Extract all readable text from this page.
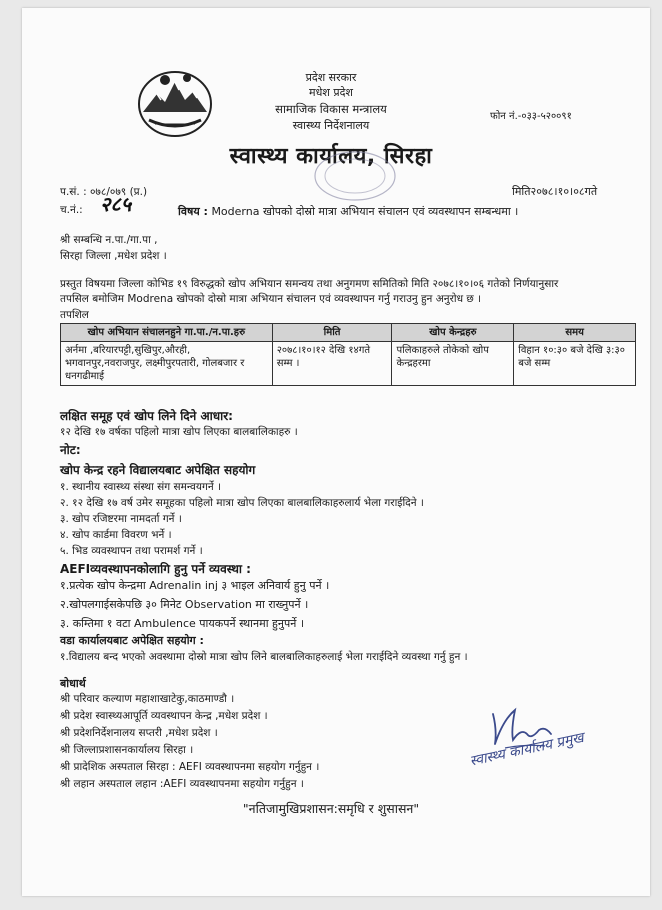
प्रदेश सरकार
मधेश प्रदेश
सामाजिक विकास मन्त्रालय
स्वास्थ्य निर्देशनालय
फोन नं.-०३३-५२००९१
स्वास्थ्य कार्यालय, सिरहा
प.सं. : ०७८/०७९ (प्र.)
च.नं.: २८५
मिति२०७८।१०।०८गते
विषय : Moderna खोपको दोस्रो मात्रा अभियान संचालन एवं व्यवस्थापन सम्बन्धमा ।
श्री सम्बन्धि न.पा./गा.पा ,
सिरहा जिल्ला ,मधेश प्रदेश ।
प्रस्तुत विषयमा जिल्ला कोभिड १९ विरुद्धको खोप अभियान समन्वय तथा अनुगमण समितिको मिति २०७८।१०।०६ गतेको निर्णयानुसार
तपसिल बमोजिम Modrena खोपको दोस्रो मात्रा अभियान संचालन एवं व्यवस्थापन गर्नु गराउनु हुन अनुरोध छ ।
तपशिल
खोप अभियान संचालनहुने गा.पा./न.पा.हरु	मिति	खोप केन्द्रहरु	समय
अर्नमा ,बरियारपट्टी,सुखिपुर,औरही, भगवानपुर,नवराजपुर, लक्ष्मीपुरपतारी, गोलबजार र धनगढीमाई	२०७८।१०।१२ देखि १४गते सम्म ।	पलिकाहरुले तोकेको खोप केन्द्रहरमा	विहान १०:३० बजे देखि ३:३० बजे सम्म
लक्षित समूह एवं खोप लिने दिने आधार:
१२ देखि १७ वर्षका पहिलो मात्रा खोप लिएका बालबालिकाहरु ।
नोट:
खोप केन्द्र रहने विद्यालयबाट अपेक्षित सहयोग
१. स्थानीय स्वास्थ्य संस्था संग समन्वयगर्ने ।
२. १२ देखि १७ वर्ष उमेर समूहका पहिलो मात्रा खोप लिएका बालबालिकाहरुलार्य भेला गराईदिने ।
३. खोप रजिष्टरमा नामदर्ता गर्ने ।
४. खोप कार्डमा विवरण भर्ने ।
५. भिड व्यवस्थापन तथा परामर्श गर्ने ।
AEFIव्यवस्थापनकोलागि हुनु पर्ने व्यवस्था :
१.प्रत्येक खोप केन्द्रमा Adrenalin inj ३ भाइल अनिवार्य हुनु पर्ने ।
२.खोपलगाईसकेपछि ३० मिनेट Observation मा राख्नुपर्ने ।
३. कम्तिमा १ वटा Ambulence पायकपर्ने स्थानमा हुनुपर्ने ।
वडा कार्यालयबाट अपेक्षित सहयोग :
१.विद्यालय बन्द भएको अवस्थामा दोस्रो मात्रा खोप लिने बालबालिकाहरुलाई भेला गराईदिने व्यवस्था गर्नु हुन ।
बोधार्थ
श्री परिवार कल्याण महाशाखाटेकु,काठमाण्डौ ।
श्री प्रदेश स्वास्थ्यआपूर्ति व्यवस्थापन केन्द्र ,मधेश प्रदेश ।
श्री प्रदेशनिर्देशनालय सप्तरी ,मधेश प्रदेश ।
श्री जिल्लाप्रशासनकार्यालय सिरहा ।
श्री प्रादेशिक अस्पताल सिरहा : AEFI व्यवस्थापनमा सहयोग गर्नुहुन ।
श्री लहान अस्पताल लहान :AEFI व्यवस्थापनमा सहयोग गर्नुहुन ।
स्वास्थ्य कार्यालय प्रमुख
"नतिजामुखिप्रशासन:समृधि र शुसासन"
